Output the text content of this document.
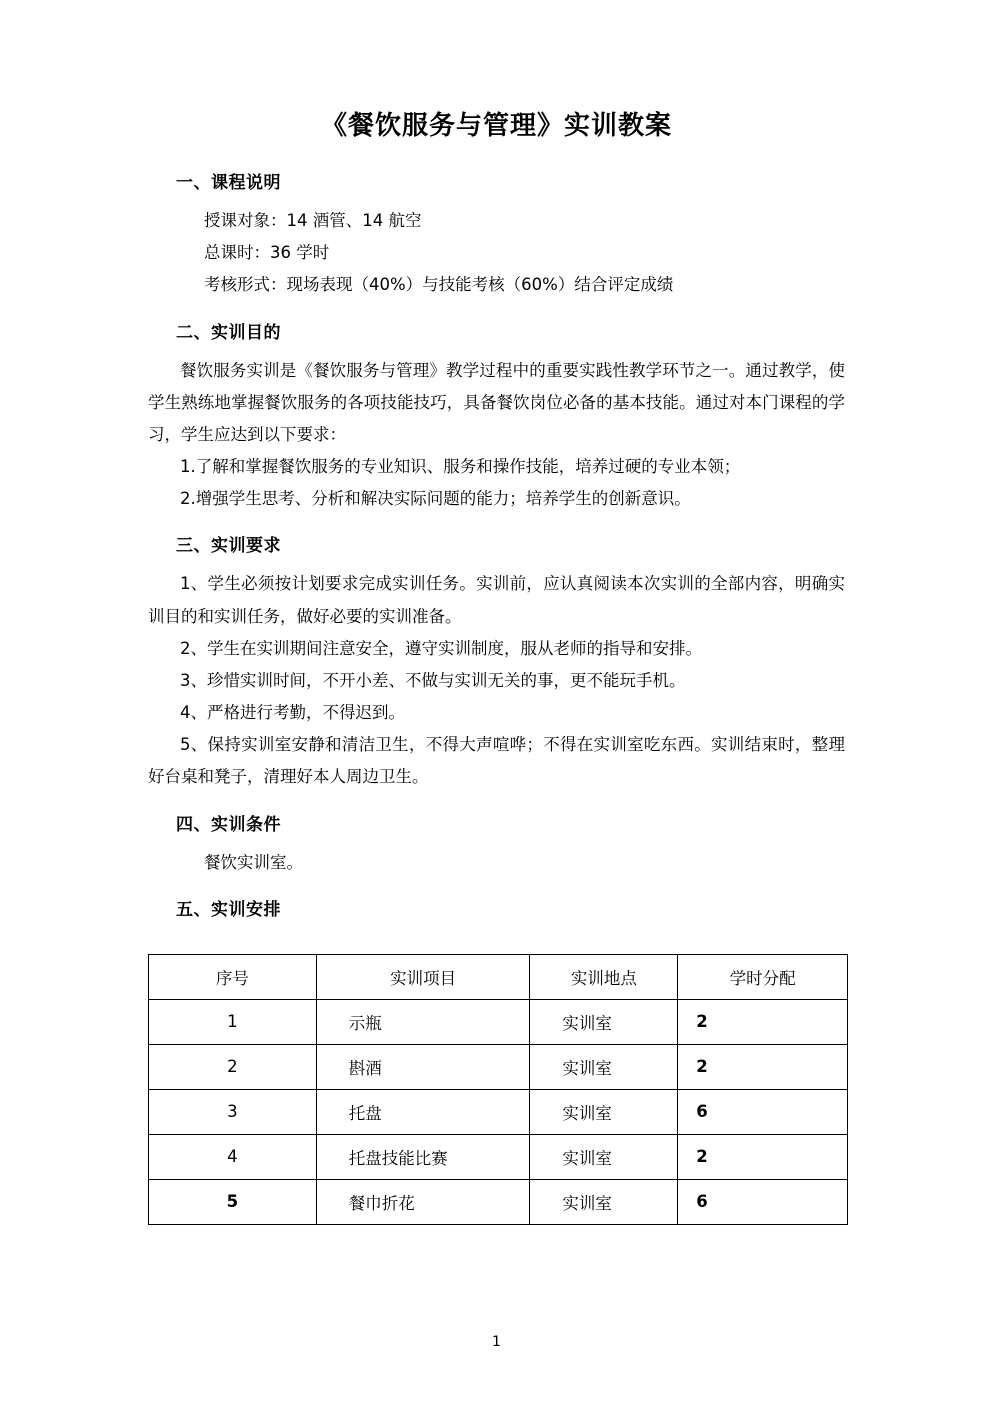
《餐饮服务与管理》实训教案
一、课程说明

授课对象：14 酒管、14 航空

总课时：36 学时

考核形式：现场表现（40%）与技能考核（60%）结合评定成绩

二、实训目的

餐饮服务实训是《餐饮服务与管理》教学过程中的重要实践性教学环节之一。通过教学，使学生熟练地掌握餐饮服务的各项技能技巧，具备餐饮岗位必备的基本技能。通过对本门课程的学习，学生应达到以下要求：

1.了解和掌握餐饮服务的专业知识、服务和操作技能，培养过硬的专业本领；

2.增强学生思考、分析和解决实际问题的能力；培养学生的创新意识。

三、实训要求

1、学生必须按计划要求完成实训任务。实训前，应认真阅读本次实训的全部内容，明确实训目的和实训任务，做好必要的实训准备。

2、学生在实训期间注意安全，遵守实训制度，服从老师的指导和安排。

3、珍惜实训时间，不开小差、不做与实训无关的事，更不能玩手机。

4、严格进行考勤，不得迟到。

5、保持实训室安静和清洁卫生，不得大声喧哗；不得在实训室吃东西。实训结束时，整理好台桌和凳子，清理好本人周边卫生。

四、实训条件

餐饮实训室。

五、实训安排
序号	实训项目	实训地点	学时分配
1	示瓶	实训室	2
2	斟酒	实训室	2
3	托盘	实训室	6
4	托盘技能比赛	实训室	2
5	餐巾折花	实训室	6
1
